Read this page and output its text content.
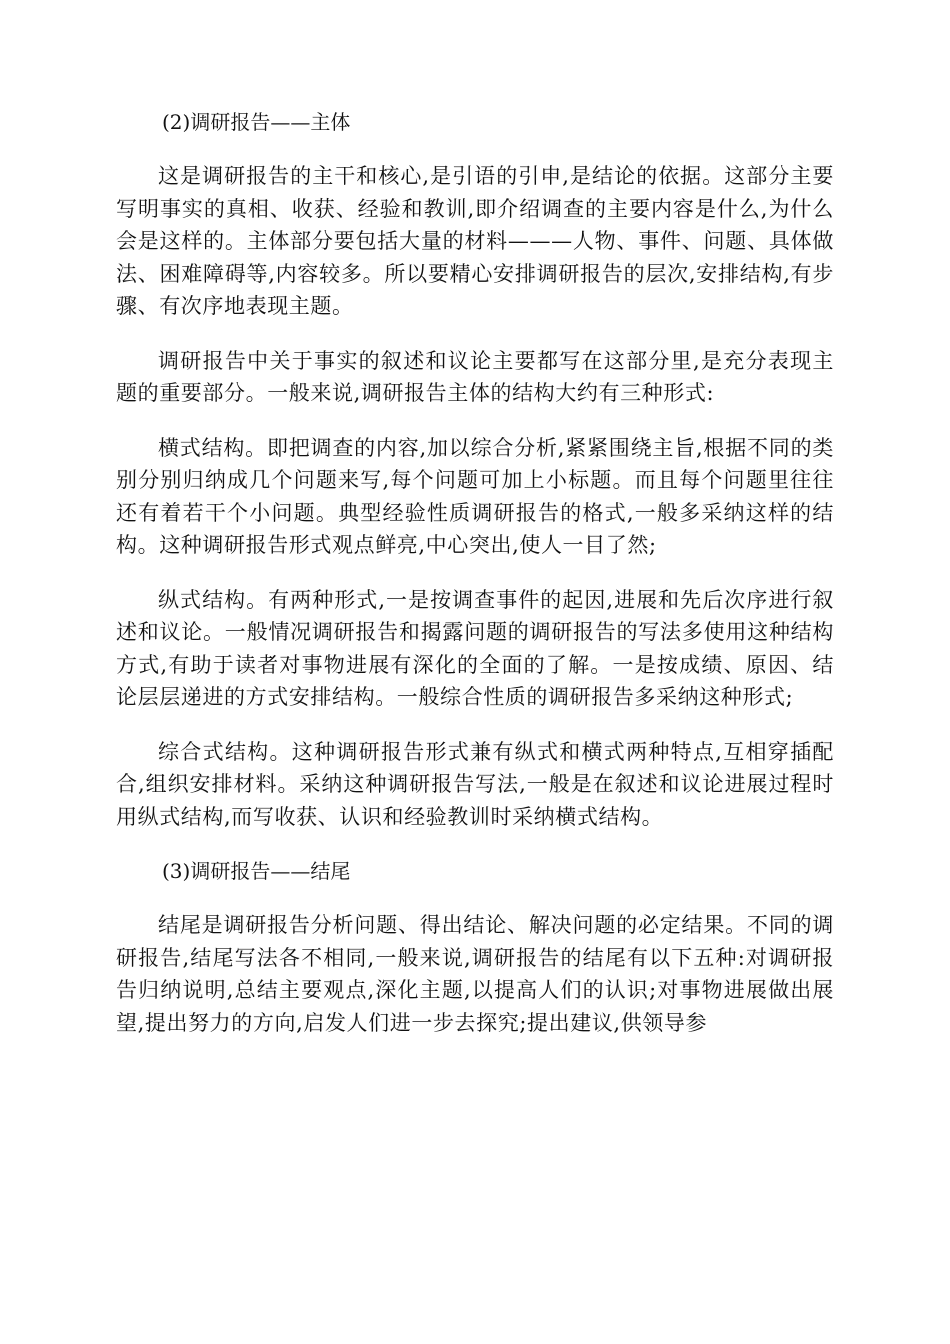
(2)调研报告——主体

这是调研报告的主干和核心,是引语的引申,是结论的依据。这部分主要写明事实的真相、收获、经验和教训,即介绍调查的主要内容是什么,为什么会是这样的。主体部分要包括大量的材料———人物、事件、问题、具体做法、困难障碍等,内容较多。所以要精心安排调研报告的层次,安排结构,有步骤、有次序地表现主题。

调研报告中关于事实的叙述和议论主要都写在这部分里,是充分表现主题的重要部分。一般来说,调研报告主体的结构大约有三种形式:

横式结构。即把调查的内容,加以综合分析,紧紧围绕主旨,根据不同的类别分别归纳成几个问题来写,每个问题可加上小标题。而且每个问题里往往还有着若干个小问题。典型经验性质调研报告的格式,一般多采纳这样的结构。这种调研报告形式观点鲜亮,中心突出,使人一目了然;

纵式结构。有两种形式,一是按调查事件的起因,进展和先后次序进行叙述和议论。一般情况调研报告和揭露问题的调研报告的写法多使用这种结构方式,有助于读者对事物进展有深化的全面的了解。一是按成绩、原因、结论层层递进的方式安排结构。一般综合性质的调研报告多采纳这种形式;

综合式结构。这种调研报告形式兼有纵式和横式两种特点,互相穿插配合,组织安排材料。采纳这种调研报告写法,一般是在叙述和议论进展过程时用纵式结构,而写收获、认识和经验教训时采纳横式结构。

(3)调研报告——结尾

结尾是调研报告分析问题、得出结论、解决问题的必定结果。不同的调研报告,结尾写法各不相同,一般来说,调研报告的结尾有以下五种:对调研报告归纳说明,总结主要观点,深化主题,以提高人们的认识;对事物进展做出展望,提出努力的方向,启发人们进一步去探究;提出建议,供领导参
